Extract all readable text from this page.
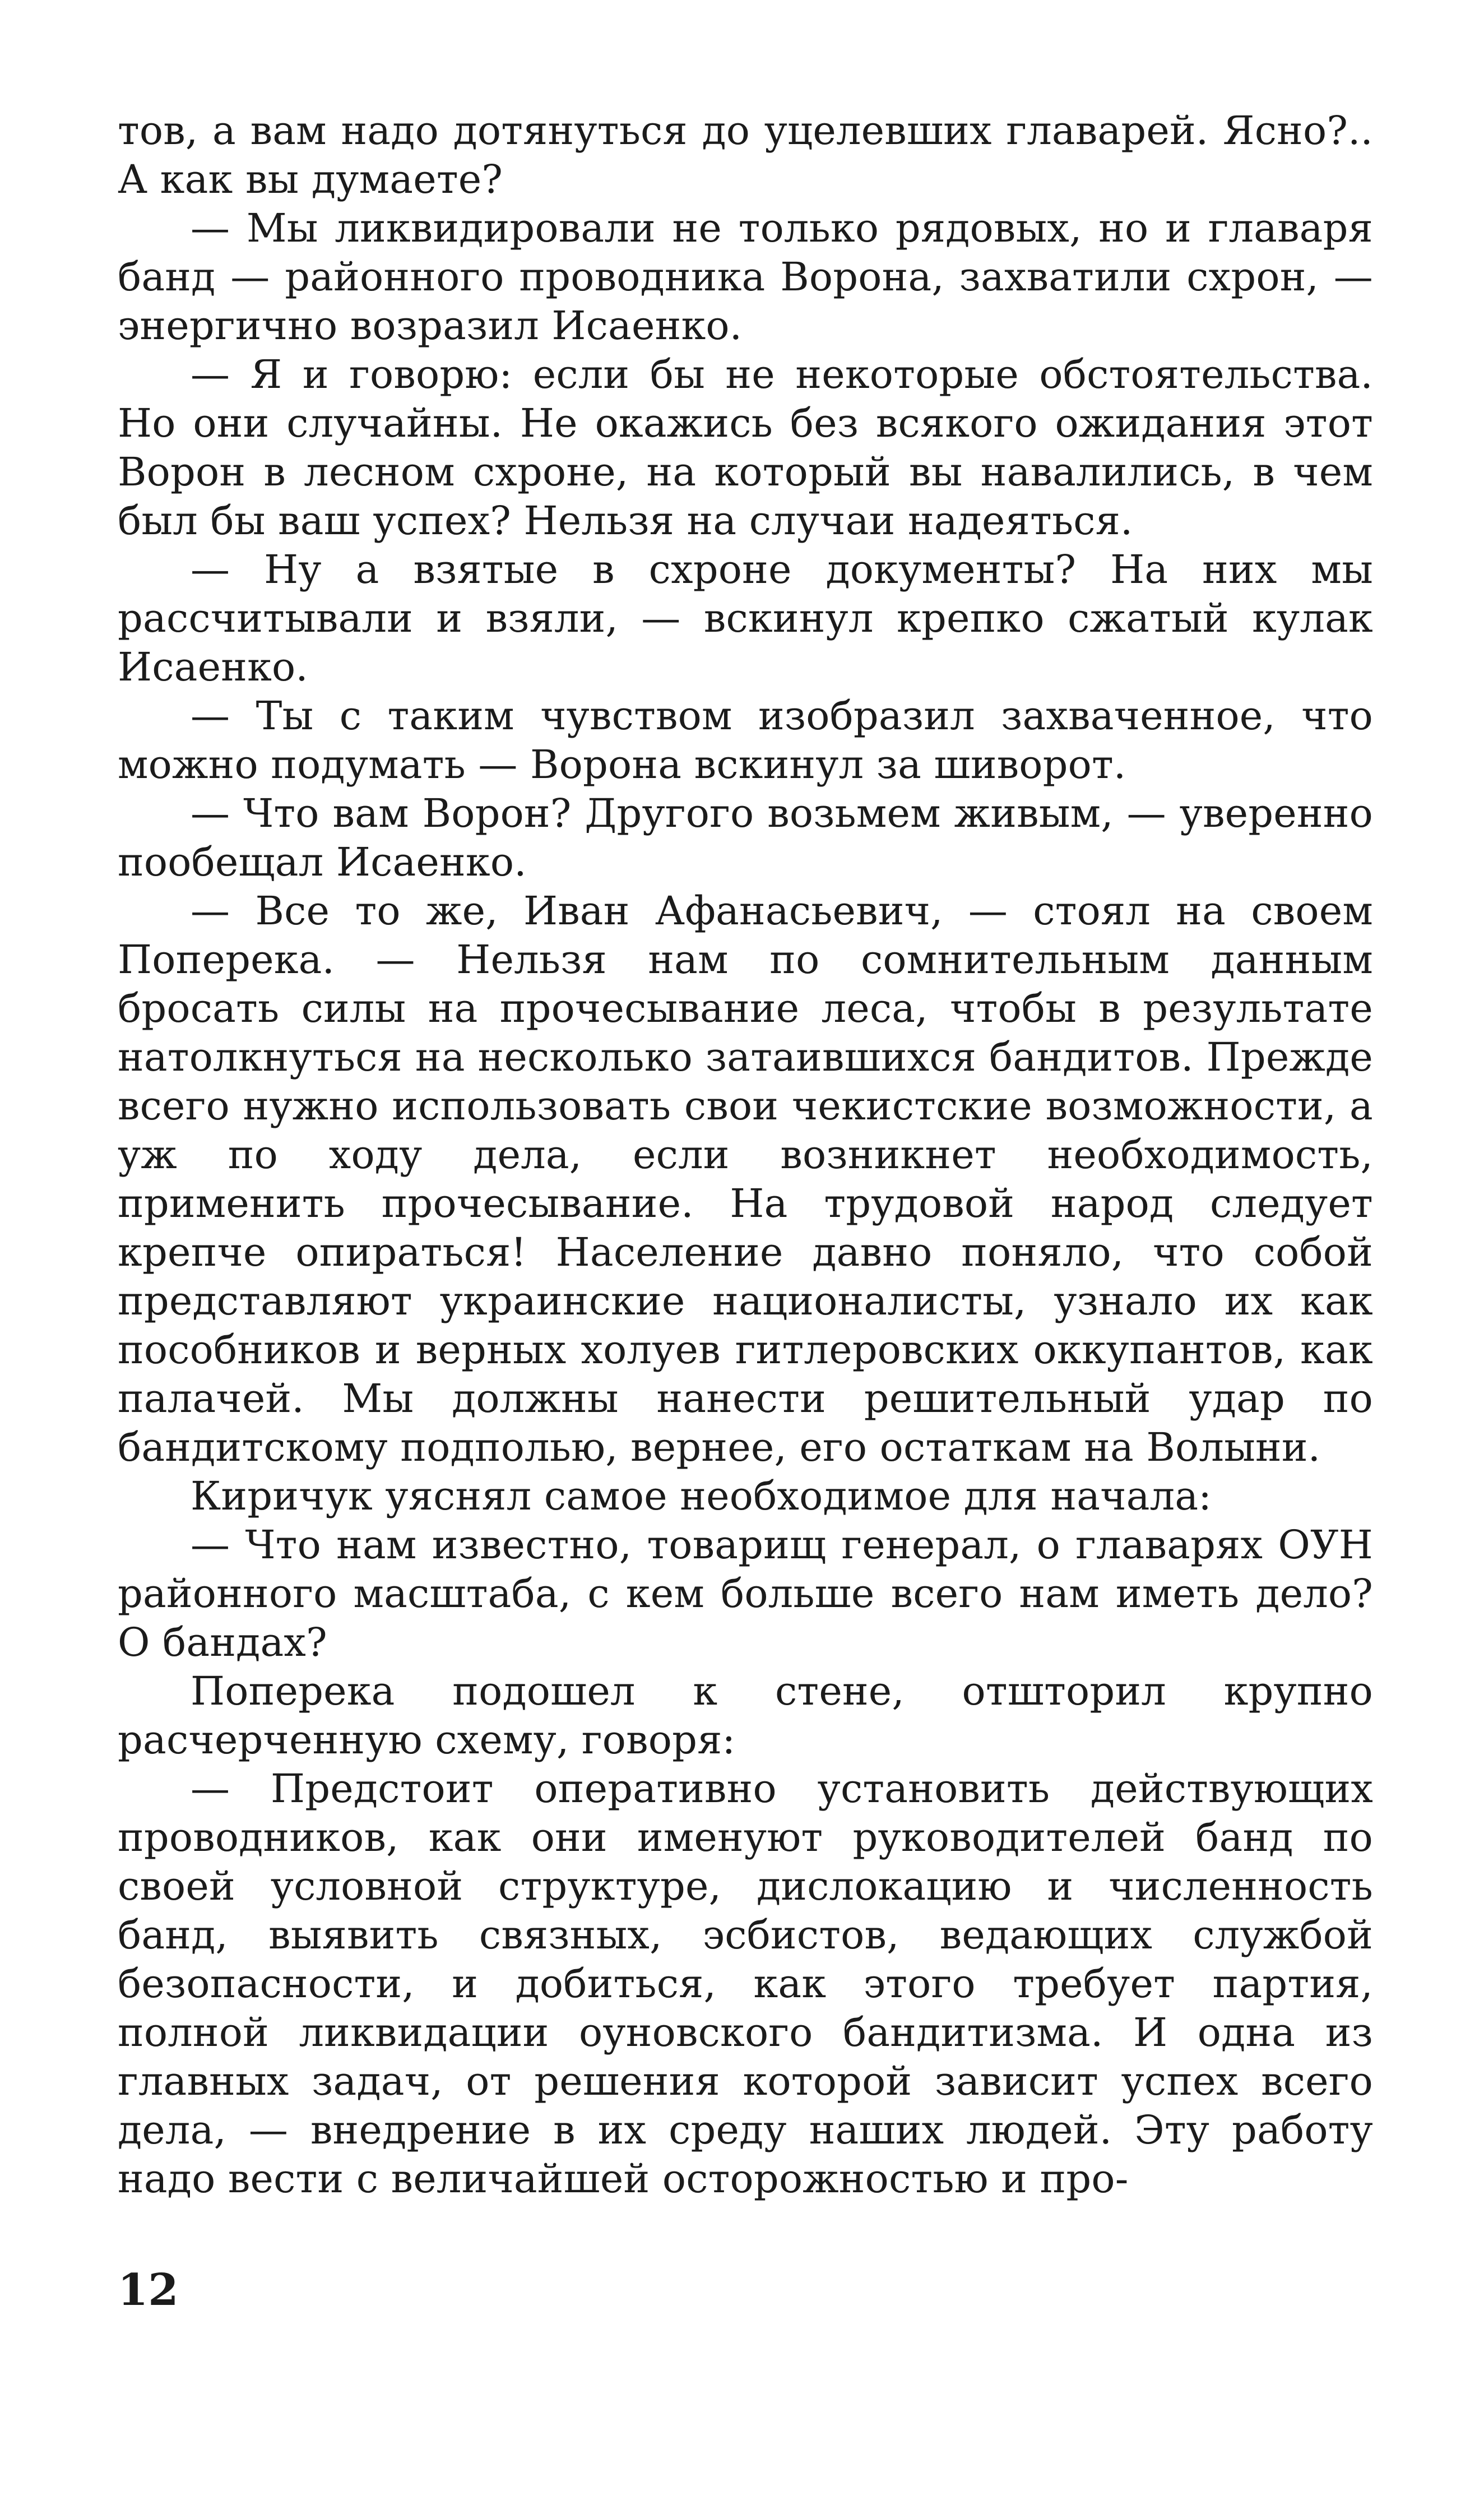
тов, а вам надо дотянуться до уцелевших главарей. Ясно?.. А как вы думаете?

— Мы ликвидировали не только рядовых, но и главаря банд — районного проводника Ворона, захватили схрон, — энергично возразил Исаенко.

— Я и говорю: если бы не некоторые обстоятельства. Но они случайны. Не окажись без всякого ожидания этот Ворон в лесном схроне, на который вы навалились, в чем был бы ваш успех? Нельзя на случаи надеяться.

— Ну а взятые в схроне документы? На них мы рассчитывали и взяли, — вскинул крепко сжатый кулак Исаенко.

— Ты с таким чувством изобразил захваченное, что можно подумать — Ворона вскинул за шиворот.

— Что вам Ворон? Другого возьмем живым, — уверенно пообещал Исаенко.

— Все то же, Иван Афанасьевич, — стоял на своем Поперека. — Нельзя нам по сомнительным данным бросать силы на прочесывание леса, чтобы в результате натолкнуться на несколько затаившихся бандитов. Прежде всего нужно использовать свои чекистские возможности, а уж по ходу дела, если возникнет необходимость, применить прочесывание. На трудовой народ следует крепче опираться! Население давно поняло, что собой представляют украинские националисты, узнало их как пособников и верных холуев гитлеровских оккупантов, как палачей. Мы должны нанести решительный удар по бандитскому подполью, вернее, его остаткам на Волыни.

Киричук уяснял самое необходимое для начала:

— Что нам известно, товарищ генерал, о главарях ОУН районного масштаба, с кем больше всего нам иметь дело? О бандах?

Поперека подошел к стене, отшторил крупно расчерченную схему, говоря:

— Предстоит оперативно установить действующих проводников, как они именуют руководителей банд по своей условной структуре, дислокацию и численность банд, выявить связных, эсбистов, ведающих службой безопасности, и добиться, как этого требует партия, полной ликвидации оуновского бандитизма. И одна из главных задач, от решения которой зависит успех всего дела, — внедрение в их среду наших людей. Эту работу надо вести с величайшей осторожностью и про-

12
